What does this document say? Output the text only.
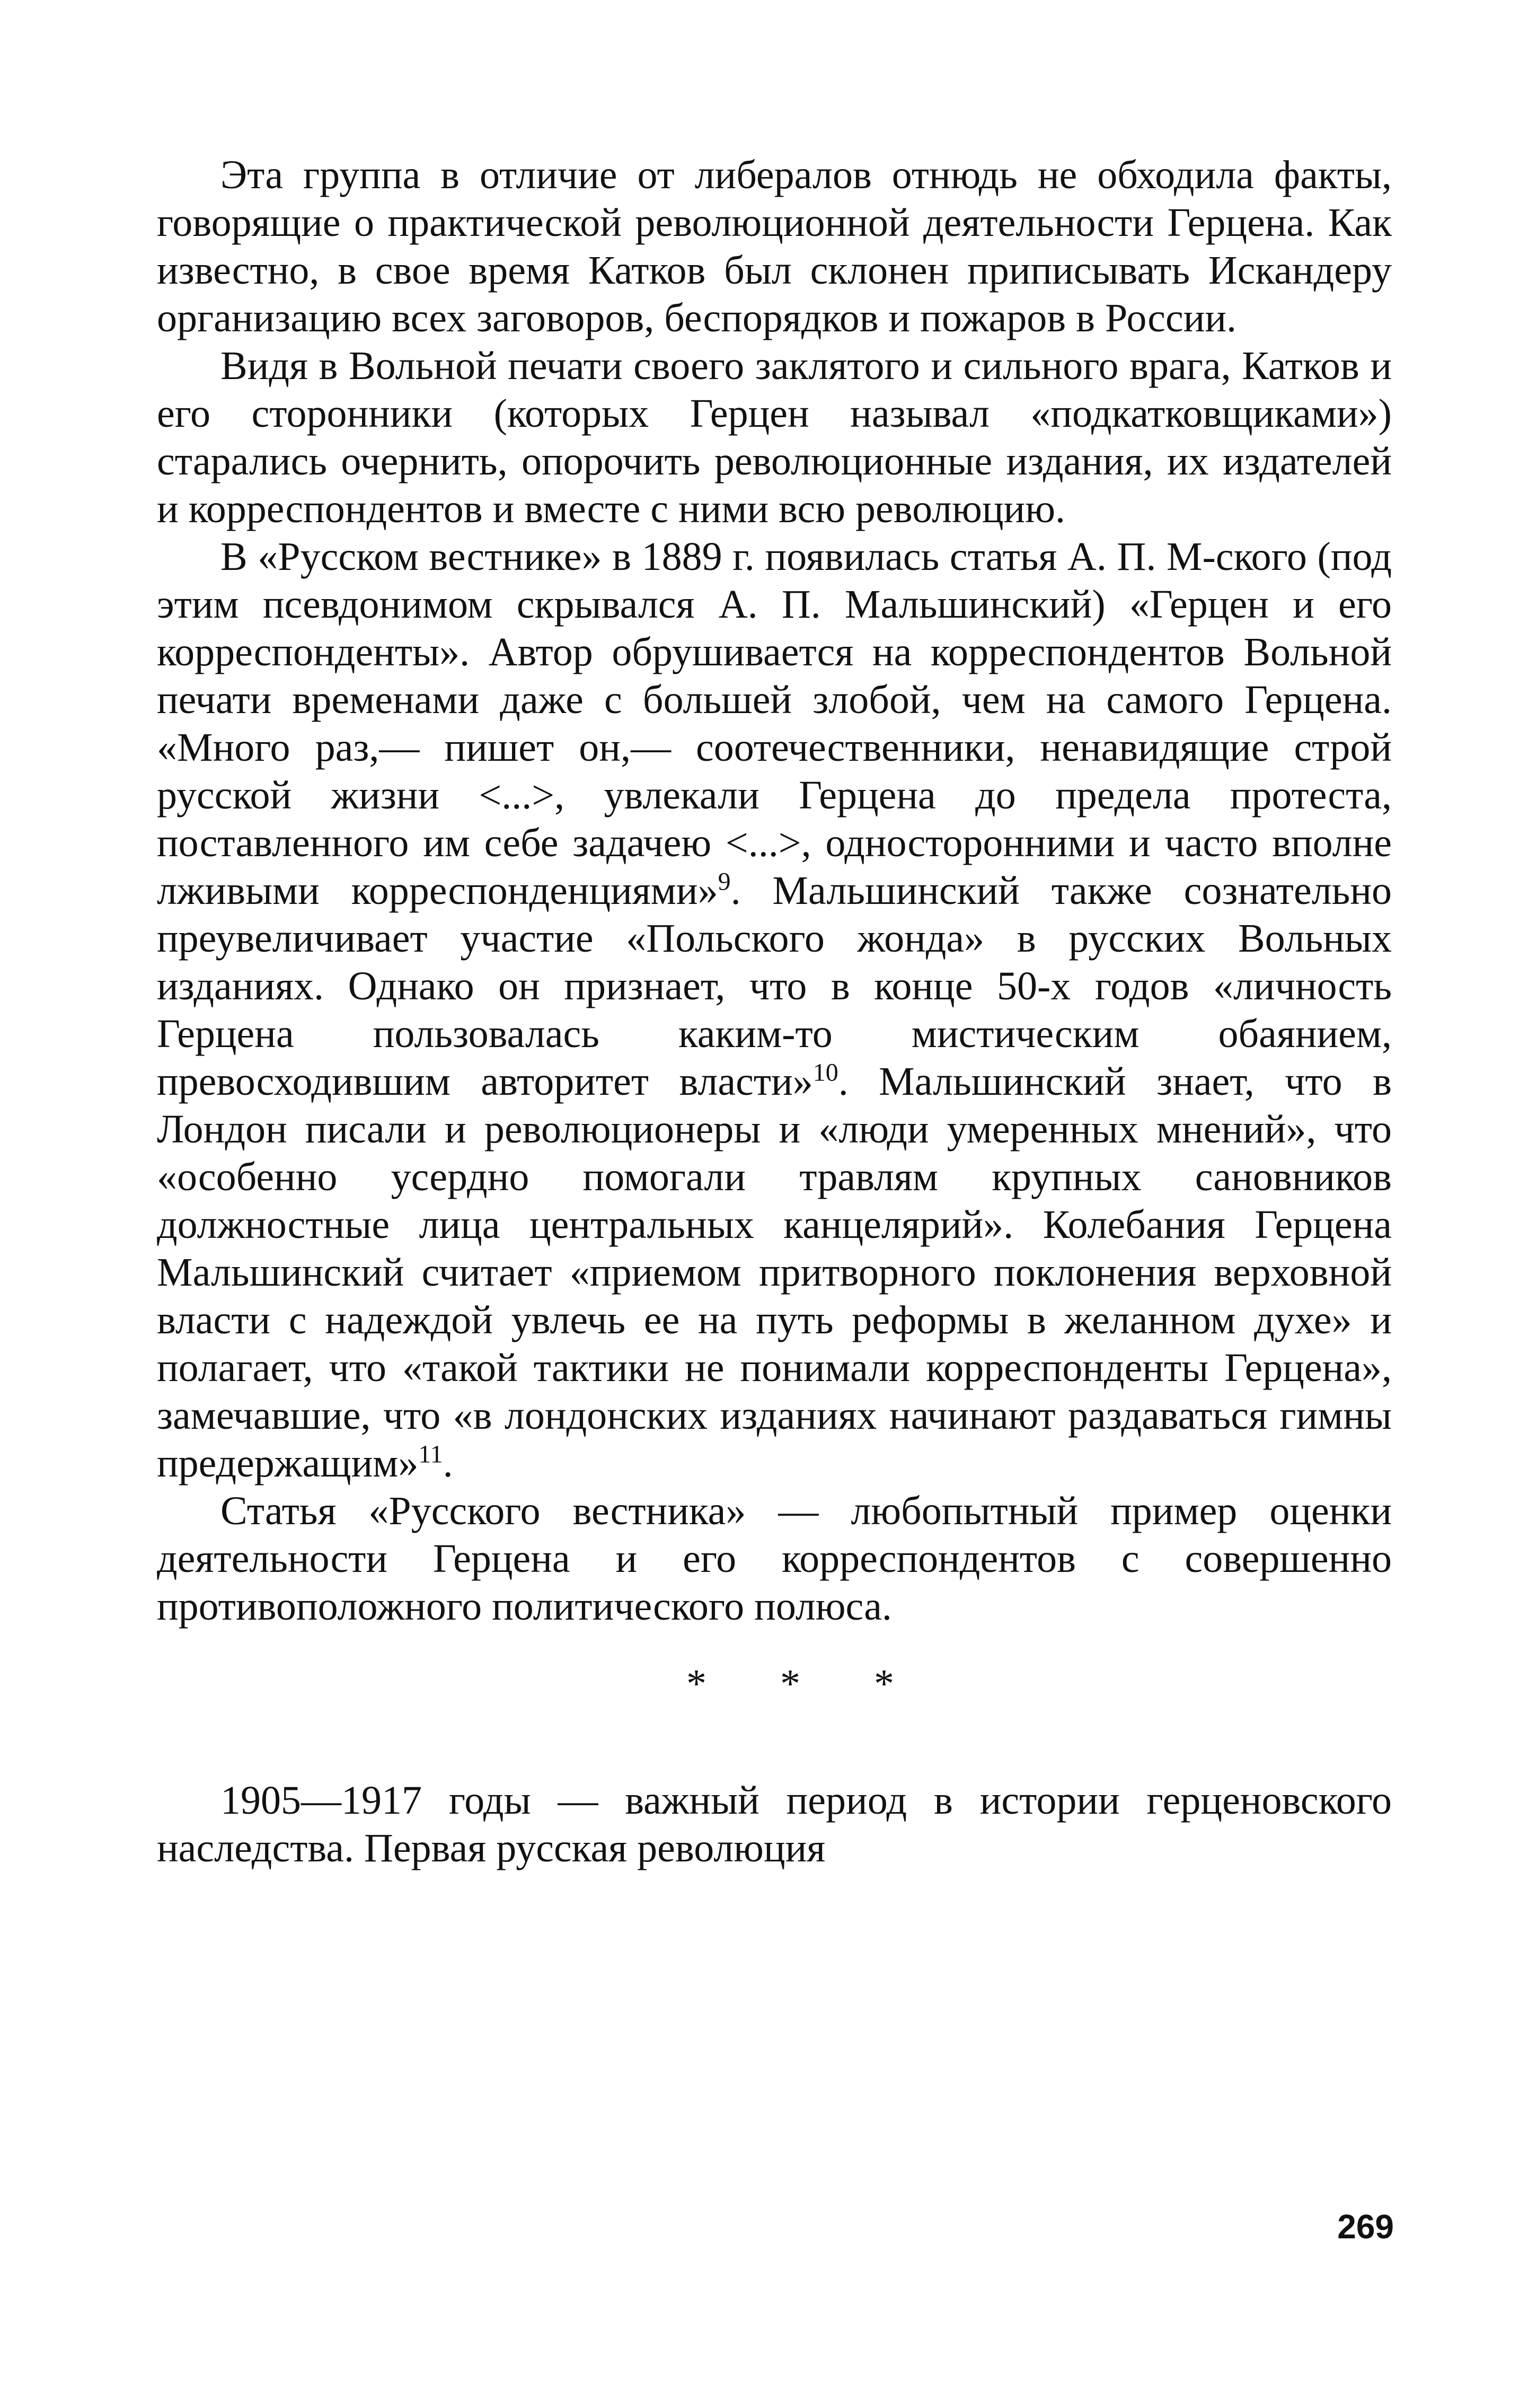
Эта группа в отличие от либералов отнюдь не обходила факты, говорящие о практической революционной деятельности Герцена. Как известно, в свое время Катков был склонен приписывать Искандеру организацию всех заговоров, беспорядков и пожаров в России.

Видя в Вольной печати своего заклятого и сильного врага, Катков и его сторонники (которых Герцен называл «подкатковщиками») старались очернить, опорочить революционные издания, их издателей и корреспондентов и вместе с ними всю революцию.

В «Русском вестнике» в 1889 г. появилась статья А. П. М-ского (под этим псевдонимом скрывался А. П. Мальшинский) «Герцен и его корреспонденты». Автор обрушивается на корреспондентов Вольной печати временами даже с большей злобой, чем на самого Герцена. «Много раз,— пишет он,— соотечественники, ненавидящие строй русской жизни <...>, увлекали Герцена до предела протеста, поставленного им себе задачею <...>, односторонними и часто вполне лживыми корреспонденциями»$^9$. Мальшинский также сознательно преувеличивает участие «Польского жонда» в русских Вольных изданиях. Однако он признает, что в конце 50-х годов «личность Герцена пользовалась каким-то мистическим обаянием, превосходившим авторитет власти»$^{10}$. Мальшинский знает, что в Лондон писали и революционеры и «люди умеренных мнений», что «особенно усердно помогали травлям крупных сановников должностные лица центральных канцелярий». Колебания Герцена Мальшинский считает «приемом притворного поклонения верховной власти с надеждой увлечь ее на путь реформы в желанном духе» и полагает, что «такой тактики не понимали корреспонденты Герцена», замечавшие, что «в лондонских изданиях начинают раздаваться гимны предержащим»$^{11}$.

Статья «Русского вестника» — любопытный пример оценки деятельности Герцена и его корреспондентов с совершенно противоположного политического полюса.

* * *

1905—1917 годы — важный период в истории герценовского наследства. Первая русская революция

269
